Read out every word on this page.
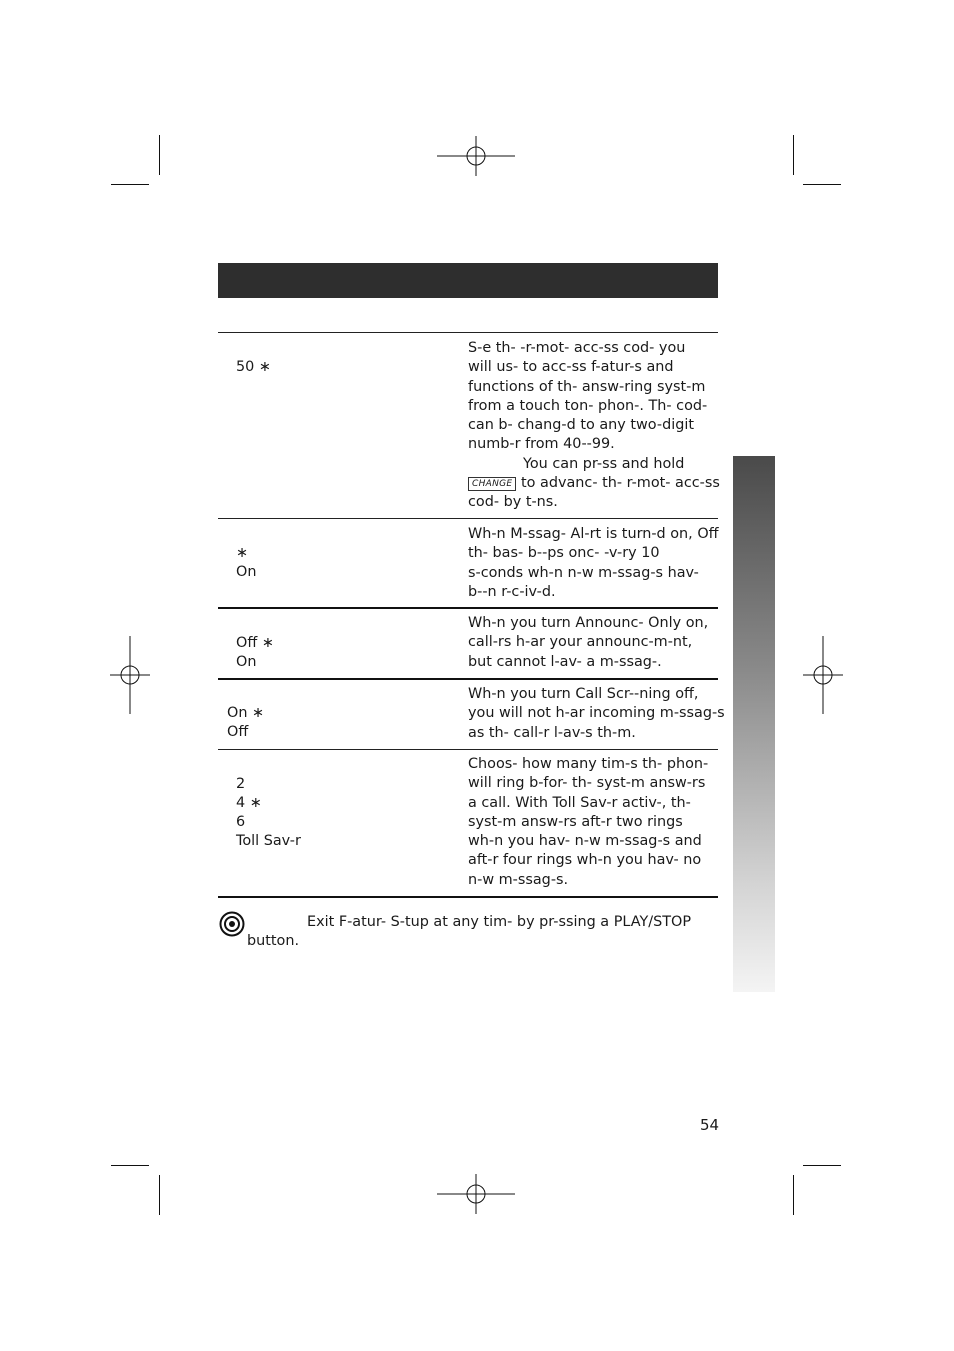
50 ∗
S-e th- -r-mot- acc-ss cod- you
will us- to acc-ss f-atur-s and
functions of th- answ-ring syst-m
from a touch ton- phon-. Th- cod-
can b- chang-d to any two-digit
numb-r from 40--99.
You can pr-ss and hold
CHANGE to advanc- th- r-mot- acc-ss
cod- by t-ns.
∗
On
Wh-n M-ssag- Al-rt is turn-d on, Off
th- bas- b--ps onc- -v-ry 10
s-conds wh-n n-w m-ssag-s hav-
b--n r-c-iv-d.
Off ∗
On
Wh-n you turn Announc- Only on,
call-rs h-ar your announc-m-nt,
but cannot l-av- a m-ssag-.
On ∗
Off
Wh-n you turn Call Scr--ning off,
you will not h-ar incoming m-ssag-s
as th- call-r l-av-s th-m.
2
4 ∗
6
Toll Sav-r
Choos- how many tim-s th- phon-
will ring b-for- th- syst-m answ-rs
a call. With Toll Sav-r activ-, th-
syst-m answ-rs aft-r two rings
wh-n you hav- n-w m-ssag-s and
aft-r four rings wh-n you hav- no
n-w m-ssag-s.
Exit F-atur- S-tup at any tim- by pr-ssing a PLAY/STOP
button.
54
